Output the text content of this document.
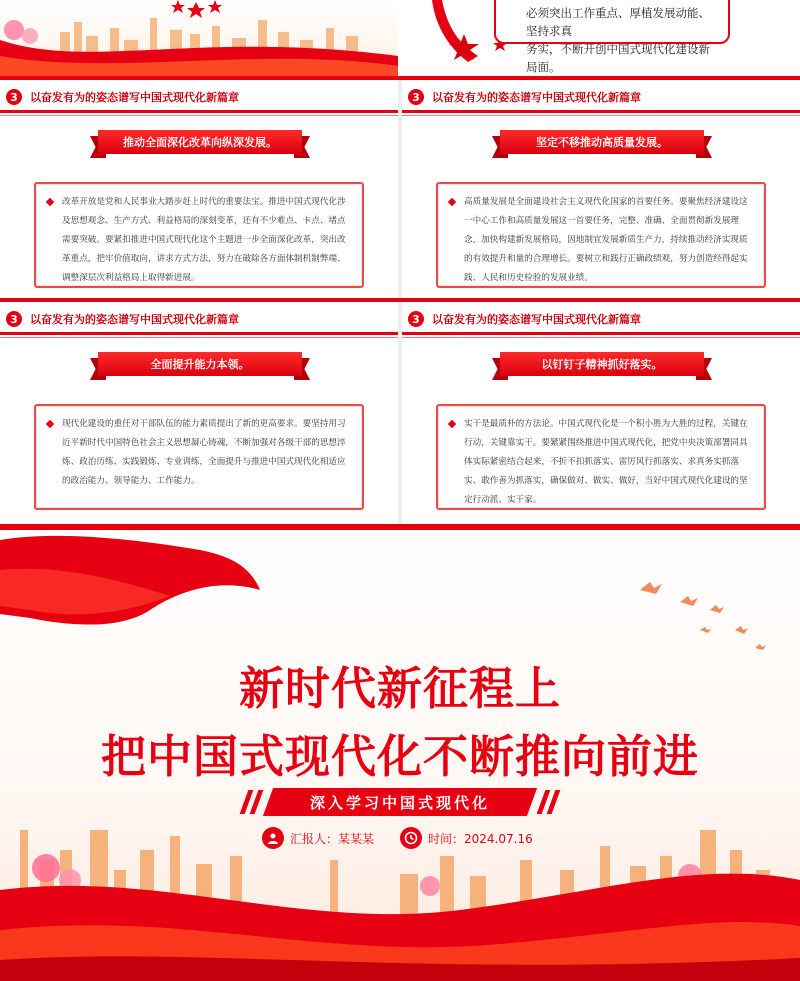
必须突出工作重点、厚植发展动能、坚持求真
务实，不断开创中国式现代化建设新局面。
3	以奋发有为的姿态谱写中国式现代化新篇章
推动全面深化改革向纵深发展。
改革开放是党和人民事业大踏步赶上时代的重要法宝。推进中国式现代化涉及思想观念、生产方式、利益格局的深刻变革，还有不少难点、卡点、堵点需要突破。要紧扣推进中国式现代化这个主题进一步全面深化改革，突出改革重点，把牢价值取向，讲求方式方法，努力在破除各方面体制机制弊端、调整深层次利益格局上取得新进展。
3	以奋发有为的姿态谱写中国式现代化新篇章
坚定不移推动高质量发展。
高质量发展是全面建设社会主义现代化国家的首要任务。要聚焦经济建设这一中心工作和高质量发展这一首要任务，完整、准确、全面贯彻新发展理念，加快构建新发展格局，因地制宜发展新质生产力，持续推动经济实现质的有效提升和量的合理增长。要树立和践行正确政绩观，努力创造经得起实践、人民和历史检验的发展业绩。
3	以奋发有为的姿态谱写中国式现代化新篇章
全面提升能力本领。
现代化建设的重任对干部队伍的能力素质提出了新的更高要求。要坚持用习近平新时代中国特色社会主义思想凝心铸魂，不断加强对各级干部的思想淬炼、政治历练、实践锻炼、专业训练，全面提升与推进中国式现代化相适应的政治能力、领导能力、工作能力。
3	以奋发有为的姿态谱写中国式现代化新篇章
以钉钉子精神抓好落实。
实干是最质朴的方法论。中国式现代化是一个积小胜为大胜的过程，关键在行动，关键靠实干。要紧紧围绕推进中国式现代化，把党中央决策部署同具体实际紧密结合起来，不折不扣抓落实、雷厉风行抓落实、求真务实抓落实、敢作善为抓落实，确保做对、做实、做好，当好中国式现代化建设的坚定行动派、实干家。
新时代新征程上
把中国式现代化不断推向前进
深入学习中国式现代化
汇报人：某某某	时间：2024.07.16
